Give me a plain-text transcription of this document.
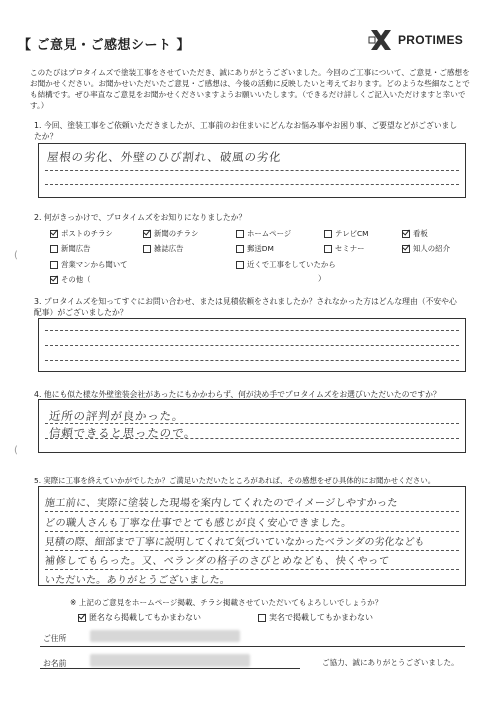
【 ご意見・ご感想シート 】	PROTIMES
このたびはプロタイムズで塗装工事をさせていただき、誠にありがとうございました。今回のご工事について、ご意見・ご感想をお聞かせください。お聞かせいただいたご意見・ご感想は、今後の活動に反映したいと考えております。どのような些細なことでも結構です。ぜひ率直なご意見をお聞かせくださいますようお願いいたします。（できるだけ詳しくご記入いただけますと幸いです。）
1. 今回、塗装工事をご依頼いただきましたが、工事前のお住まいにどんなお悩み事やお困り事、ご要望などがございましたか？
屋根の劣化、外壁のひび割れ、破風の劣化
2. 何がきっかけで、プロタイムズをお知りになりましたか？
ポストのチラシ	新聞のチラシ	ホームページ	テレビCM	看板
新聞広告	雑誌広告	郵送DM	セミナー	知人の紹介
営業マンから聞いて	近くで工事をしていたから
その他（	）
(
(
3. プロタイムズを知ってすぐにお問い合わせ、または見積依頼をされましたか？されなかった方はどんな理由（不安や心配事）がございましたか？
4. 他にも似た様な外壁塗装会社があったにもかかわらず、何が決め手でプロタイムズをお選びいただいたのですか？
近所の評判が良かった。
信頼できると思ったので。
5. 実際に工事を終えていかがでしたか？ご満足いただいたところがあれば、その感想をぜひ具体的にお聞かせください。
施工前に、実際に塗装した現場を案内してくれたのでイメージしやすかった
どの職人さんも丁寧な仕事でとても感じが良く安心できました。
見積の際、細部まで丁寧に説明してくれて気づいていなかったベランダの劣化なども
補修してもらった。又、ベランダの格子のさびとめなども、快くやって
いただいた。ありがとうございました。
※ 上記のご意見をホームページ掲載、チラシ掲載させていただいてもよろしいでしょうか？
匿名なら掲載してもかまわない	実名で掲載してもかまわない
ご住所
お名前	ご協力、誠にありがとうございました。
